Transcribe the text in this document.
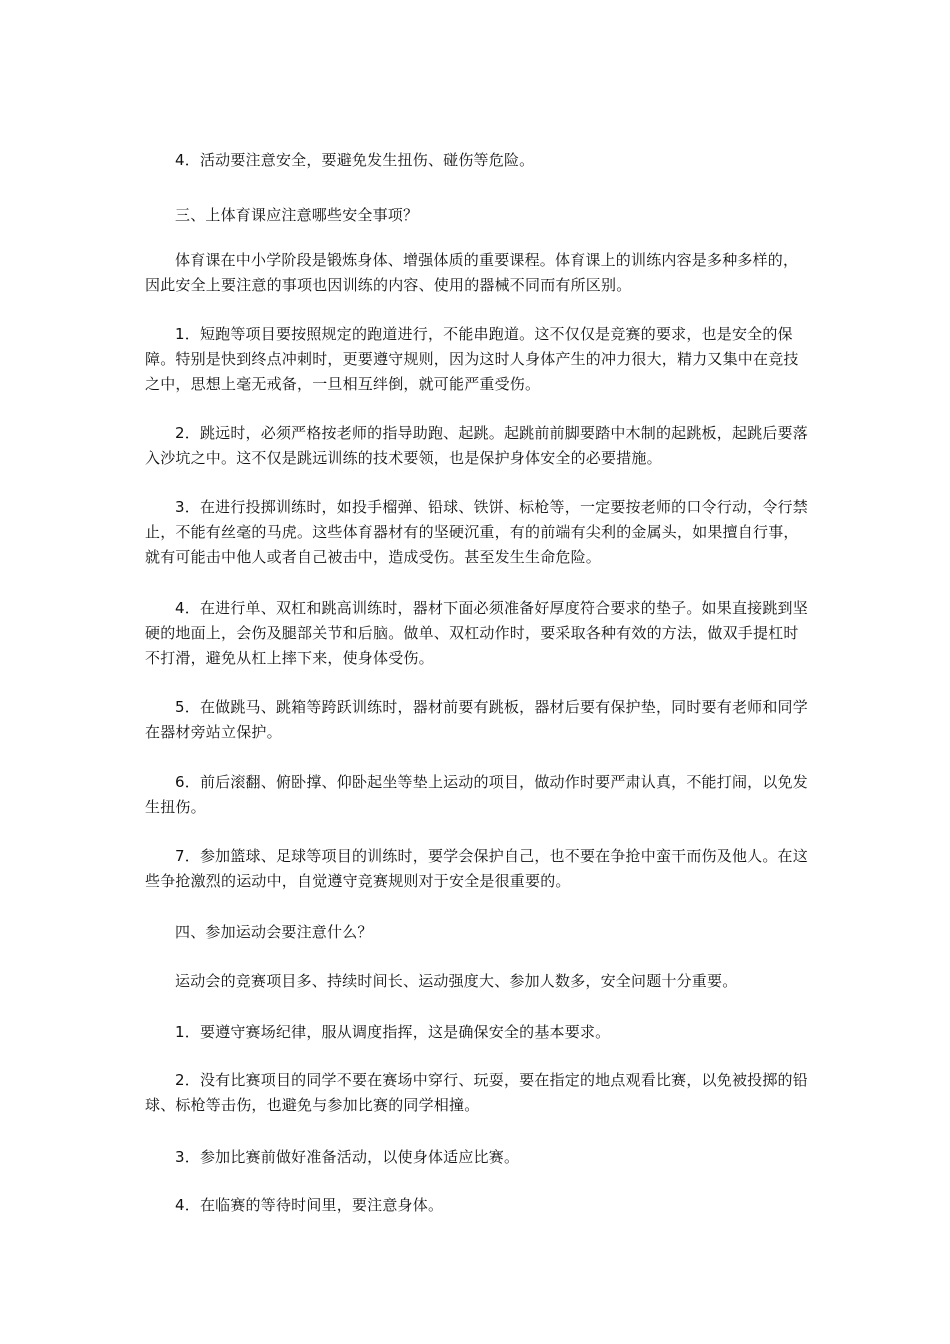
4．活动要注意安全，要避免发生扭伤、碰伤等危险。

三、上体育课应注意哪些安全事项？

体育课在中小学阶段是锻炼身体、增强体质的重要课程。体育课上的训练内容是多种多样的，因此安全上要注意的事项也因训练的内容、使用的器械不同而有所区别。

1．短跑等项目要按照规定的跑道进行，不能串跑道。这不仅仅是竞赛的要求，也是安全的保障。特别是快到终点冲刺时，更要遵守规则，因为这时人身体产生的冲力很大，精力又集中在竞技之中，思想上毫无戒备，一旦相互绊倒，就可能严重受伤。

2．跳远时，必须严格按老师的指导助跑、起跳。起跳前前脚要踏中木制的起跳板，起跳后要落入沙坑之中。这不仅是跳远训练的技术要领，也是保护身体安全的必要措施。

3．在进行投掷训练时，如投手榴弹、铅球、铁饼、标枪等，一定要按老师的口令行动，令行禁止，不能有丝毫的马虎。这些体育器材有的坚硬沉重，有的前端有尖利的金属头，如果擅自行事，就有可能击中他人或者自己被击中，造成受伤。甚至发生生命危险。

4．在进行单、双杠和跳高训练时，器材下面必须准备好厚度符合要求的垫子。如果直接跳到坚硬的地面上，会伤及腿部关节和后脑。做单、双杠动作时，要采取各种有效的方法，做双手提杠时不打滑，避免从杠上摔下来，使身体受伤。

5．在做跳马、跳箱等跨跃训练时，器材前要有跳板，器材后要有保护垫，同时要有老师和同学在器材旁站立保护。

6．前后滚翻、俯卧撑、仰卧起坐等垫上运动的项目，做动作时要严肃认真，不能打闹，以免发生扭伤。

7．参加篮球、足球等项目的训练时，要学会保护自己，也不要在争抢中蛮干而伤及他人。在这些争抢激烈的运动中，自觉遵守竞赛规则对于安全是很重要的。

四、参加运动会要注意什么？

运动会的竞赛项目多、持续时间长、运动强度大、参加人数多，安全问题十分重要。

1．要遵守赛场纪律，服从调度指挥，这是确保安全的基本要求。

2．没有比赛项目的同学不要在赛场中穿行、玩耍，要在指定的地点观看比赛，以免被投掷的铅球、标枪等击伤，也避免与参加比赛的同学相撞。

3．参加比赛前做好准备活动，以使身体适应比赛。

4．在临赛的等待时间里，要注意身体。
